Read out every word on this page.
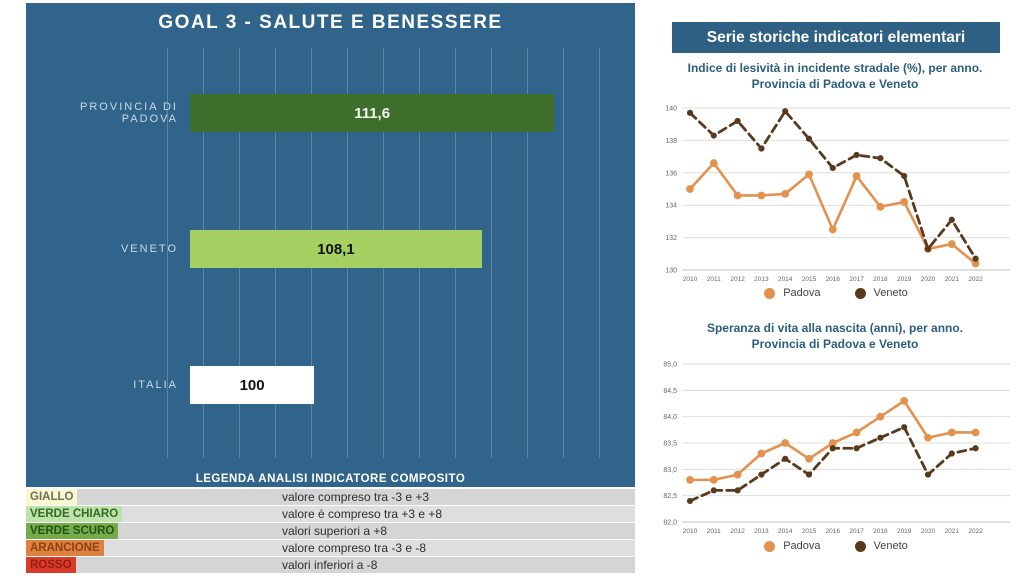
GOAL 3 - SALUTE E BENESSERE
PROVINCIA DI PADOVA	111,6
VENETO	108,1
ITALIA	100
LEGENDA ANALISI INDICATORE COMPOSITO
GIALLO	valore compreso tra -3 e +3
VERDE CHIARO	valore è compreso tra +3 e +8
VERDE SCURO	valori superiori a +8
ARANCIONE	valore compreso tra -3 e -8
ROSSO	valori inferiori a -8
Serie storiche indicatori elementari
Indice di lesività in incidente stradale (%), per anno.
Provincia di Padova e Veneto
140
138
136
134
132
130
2010 2011 2012 2013 2014 2015 2016 2017 2018 2019 2020 2021 2022
Padova	Veneto
Speranza di vita alla nascita (anni), per anno.
Provincia di Padova e Veneto
85,0
84,5
84,0
83,5
83,0
82,5
82,0
2010 2011 2012 2013 2014 2015 2016 2017 2018 2019 2020 2021 2022
Padova	Veneto
